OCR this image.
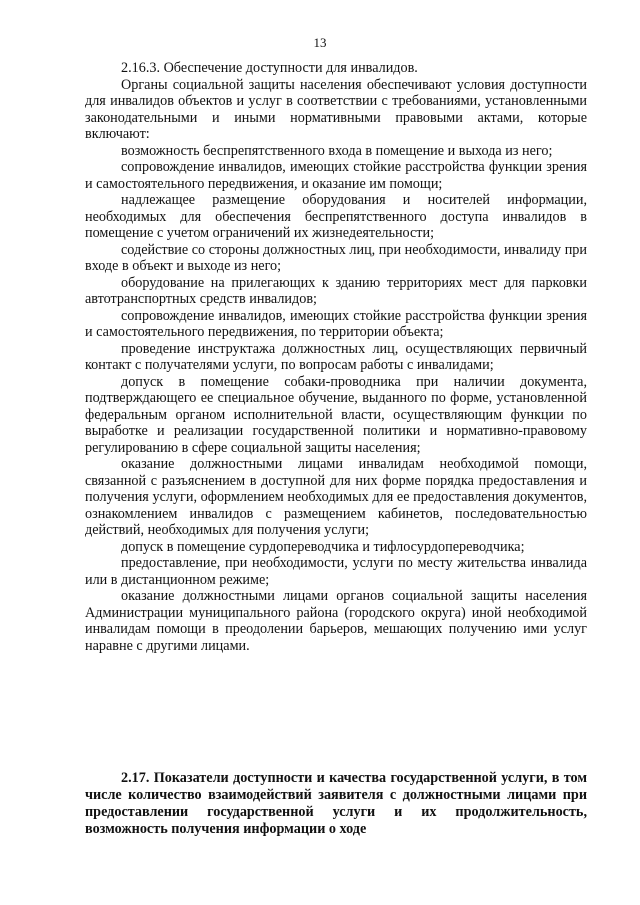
13

2.16.3. Обеспечение доступности для инвалидов.

Органы социальной защиты населения обеспечивают условия доступности для инвалидов объектов и услуг в соответствии с требованиями, установленными законодательными и иными нормативными правовыми актами, которые включают:

возможность беспрепятственного входа в помещение и выхода из него;

сопровождение инвалидов, имеющих стойкие расстройства функции зрения и самостоятельного передвижения, и оказание им помощи;

надлежащее размещение оборудования и носителей информации, необходимых для обеспечения беспрепятственного доступа инвалидов в помещение с учетом ограничений их жизнедеятельности;

содействие со стороны должностных лиц, при необходимости, инвалиду при входе в объект и выходе из него;

оборудование на прилегающих к зданию территориях мест для парковки автотранспортных средств инвалидов;

сопровождение инвалидов, имеющих стойкие расстройства функции зрения и самостоятельного передвижения, по территории объекта;

проведение инструктажа должностных лиц, осуществляющих первичный контакт с получателями услуги, по вопросам работы с инвалидами;

допуск в помещение собаки-проводника при наличии документа, подтверждающего ее специальное обучение, выданного по форме, установленной федеральным органом исполнительной власти, осуществляющим функции по выработке и реализации государственной политики и нормативно-правовому регулированию в сфере социальной защиты населения;

оказание должностными лицами инвалидам необходимой помощи, связанной с разъяснением в доступной для них форме порядка предоставления и получения услуги, оформлением необходимых для ее предоставления документов, ознакомлением инвалидов с размещением кабинетов, последовательностью действий, необходимых для получения услуги;

допуск в помещение сурдопереводчика и тифлосурдопереводчика;

предоставление, при необходимости, услуги по месту жительства инвалида или в дистанционном режиме;

оказание должностными лицами органов социальной защиты населения Администрации муниципального района (городского округа) иной необходимой инвалидам помощи в преодолении барьеров, мешающих получению ими услуг наравне с другими лицами.

2.17. Показатели доступности и качества государственной услуги, в том числе количество взаимодействий заявителя с должностными лицами при предоставлении государственной услуги и их продолжительность, возможность получения информации о ходе
